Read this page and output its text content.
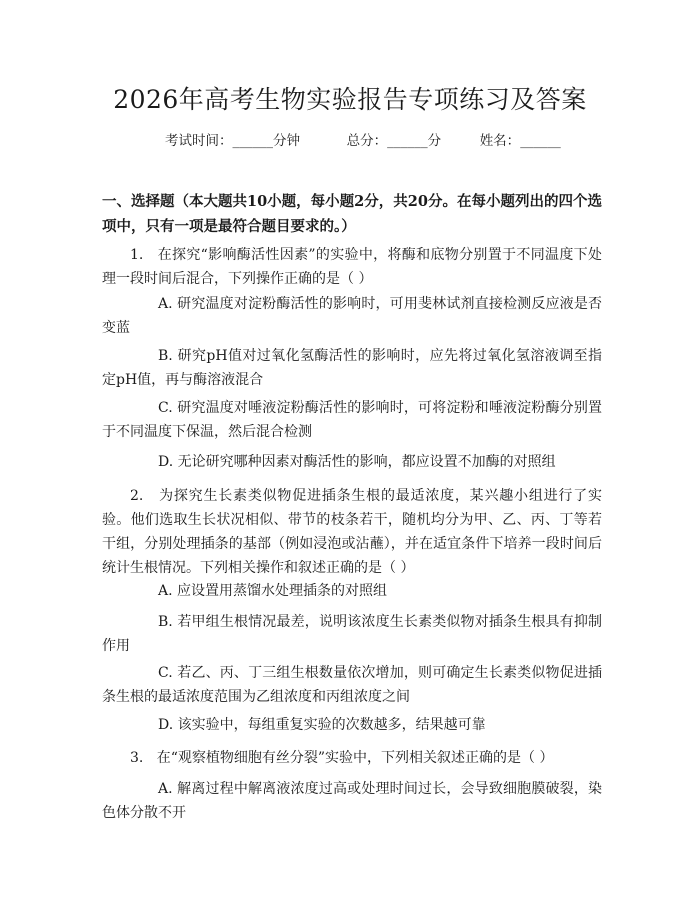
2026年高考生物实验报告专项练习及答案
考试时间：______分钟	总分：______分	姓名：______
一、选择题（本大题共10小题，每小题2分，共20分。在每小题列出的四个选项中，只有一项是最符合题目要求的。）
1. 在探究“影响酶活性因素”的实验中，将酶和底物分别置于不同温度下处理一段时间后混合，下列操作正确的是（ ）
A. 研究温度对淀粉酶活性的影响时，可用斐林试剂直接检测反应液是否变蓝
B. 研究pH值对过氧化氢酶活性的影响时，应先将过氧化氢溶液调至指定pH值，再与酶溶液混合
C. 研究温度对唾液淀粉酶活性的影响时，可将淀粉和唾液淀粉酶分别置于不同温度下保温，然后混合检测
D. 无论研究哪种因素对酶活性的影响，都应设置不加酶的对照组
2. 为探究生长素类似物促进插条生根的最适浓度，某兴趣小组进行了实验。他们选取生长状况相似、带节的枝条若干，随机均分为甲、乙、丙、丁等若干组，分别处理插条的基部（例如浸泡或沾蘸），并在适宜条件下培养一段时间后统计生根情况。下列相关操作和叙述正确的是（ ）
A. 应设置用蒸馏水处理插条的对照组
B. 若甲组生根情况最差，说明该浓度生长素类似物对插条生根具有抑制作用
C. 若乙、丙、丁三组生根数量依次增加，则可确定生长素类似物促进插条生根的最适浓度范围为乙组浓度和丙组浓度之间
D. 该实验中，每组重复实验的次数越多，结果越可靠
3. 在“观察植物细胞有丝分裂”实验中，下列相关叙述正确的是（ ）
A. 解离过程中解离液浓度过高或处理时间过长，会导致细胞膜破裂，染色体分散不开
